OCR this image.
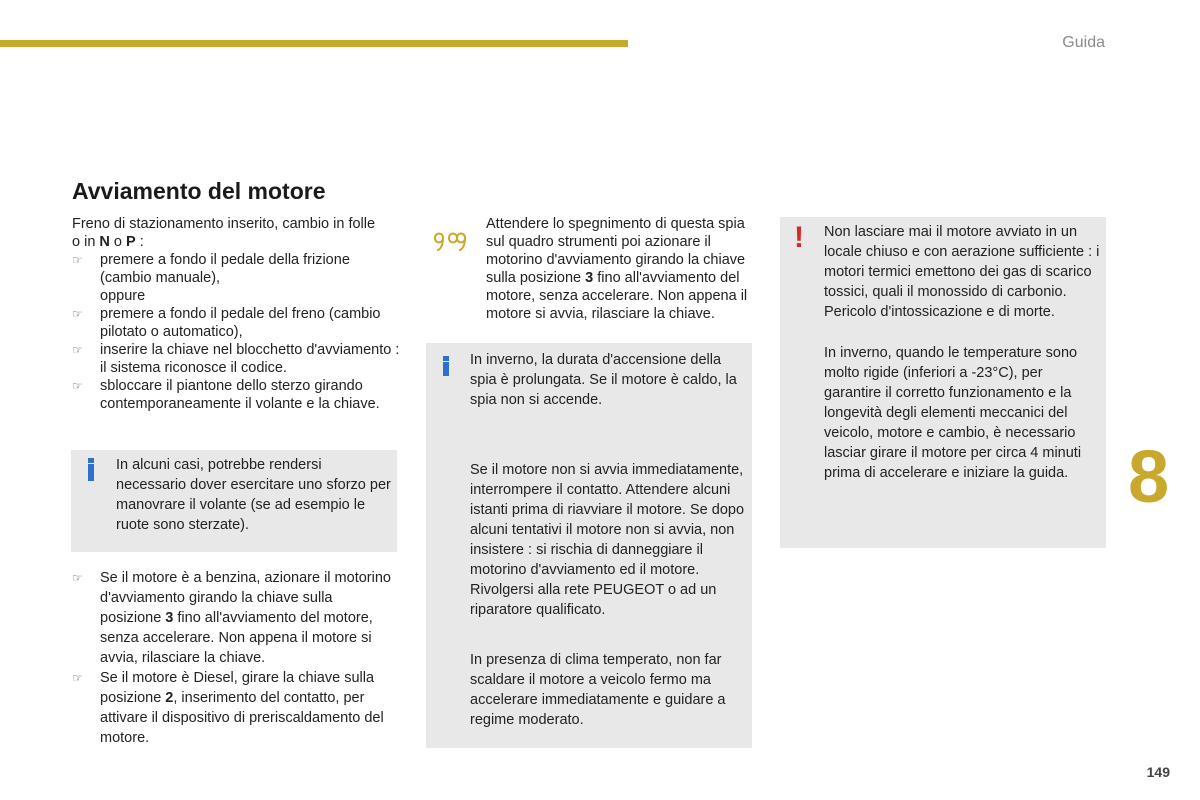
Guida
Avviamento del motore
Freno di stazionamento inserito, cambio in folle
o in N o P :
☞ premere a fondo il pedale della frizione (cambio manuale),
oppure
☞ premere a fondo il pedale del freno (cambio pilotato o automatico),
☞ inserire la chiave nel blocchetto d'avviamento : il sistema riconosce il codice.
☞ sbloccare il piantone dello sterzo girando contemporaneamente il volante e la chiave.
In alcuni casi, potrebbe rendersi necessario dover esercitare uno sforzo per manovrare il volante (se ad esempio le ruote sono sterzate).
☞ Se il motore è a benzina, azionare il motorino d'avviamento girando la chiave sulla posizione 3 fino all'avviamento del motore, senza accelerare. Non appena il motore si avvia, rilasciare la chiave.
☞ Se il motore è Diesel, girare la chiave sulla posizione 2, inserimento del contatto, per attivare il dispositivo di preriscaldamento del motore.
Attendere lo spegnimento di questa spia sul quadro strumenti poi azionare il motorino d'avviamento girando la chiave sulla posizione 3 fino all'avviamento del motore, senza accelerare. Non appena il motore si avvia, rilasciare la chiave.
In inverno, la durata d'accensione della spia è prolungata. Se il motore è caldo, la spia non si accende.
Se il motore non si avvia immediatamente, interrompere il contatto. Attendere alcuni istanti prima di riavviare il motore. Se dopo alcuni tentativi il motore non si avvia, non insistere : si rischia di danneggiare il motorino d'avviamento ed il motore. Rivolgersi alla rete PEUGEOT o ad un riparatore qualificato.
In presenza di clima temperato, non far scaldare il motore a veicolo fermo ma accelerare immediatamente e guidare a regime moderato.
! Non lasciare mai il motore avviato in un locale chiuso e con aerazione sufficiente : i motori termici emettono dei gas di scarico tossici, quali il monossido di carbonio. Pericolo d'intossicazione e di morte.
In inverno, quando le temperature sono molto rigide (inferiori a -23°C), per garantire il corretto funzionamento e la longevità degli elementi meccanici del veicolo, motore e cambio, è necessario lasciar girare il motore per circa 4 minuti prima di accelerare e iniziare la guida. 8
149
